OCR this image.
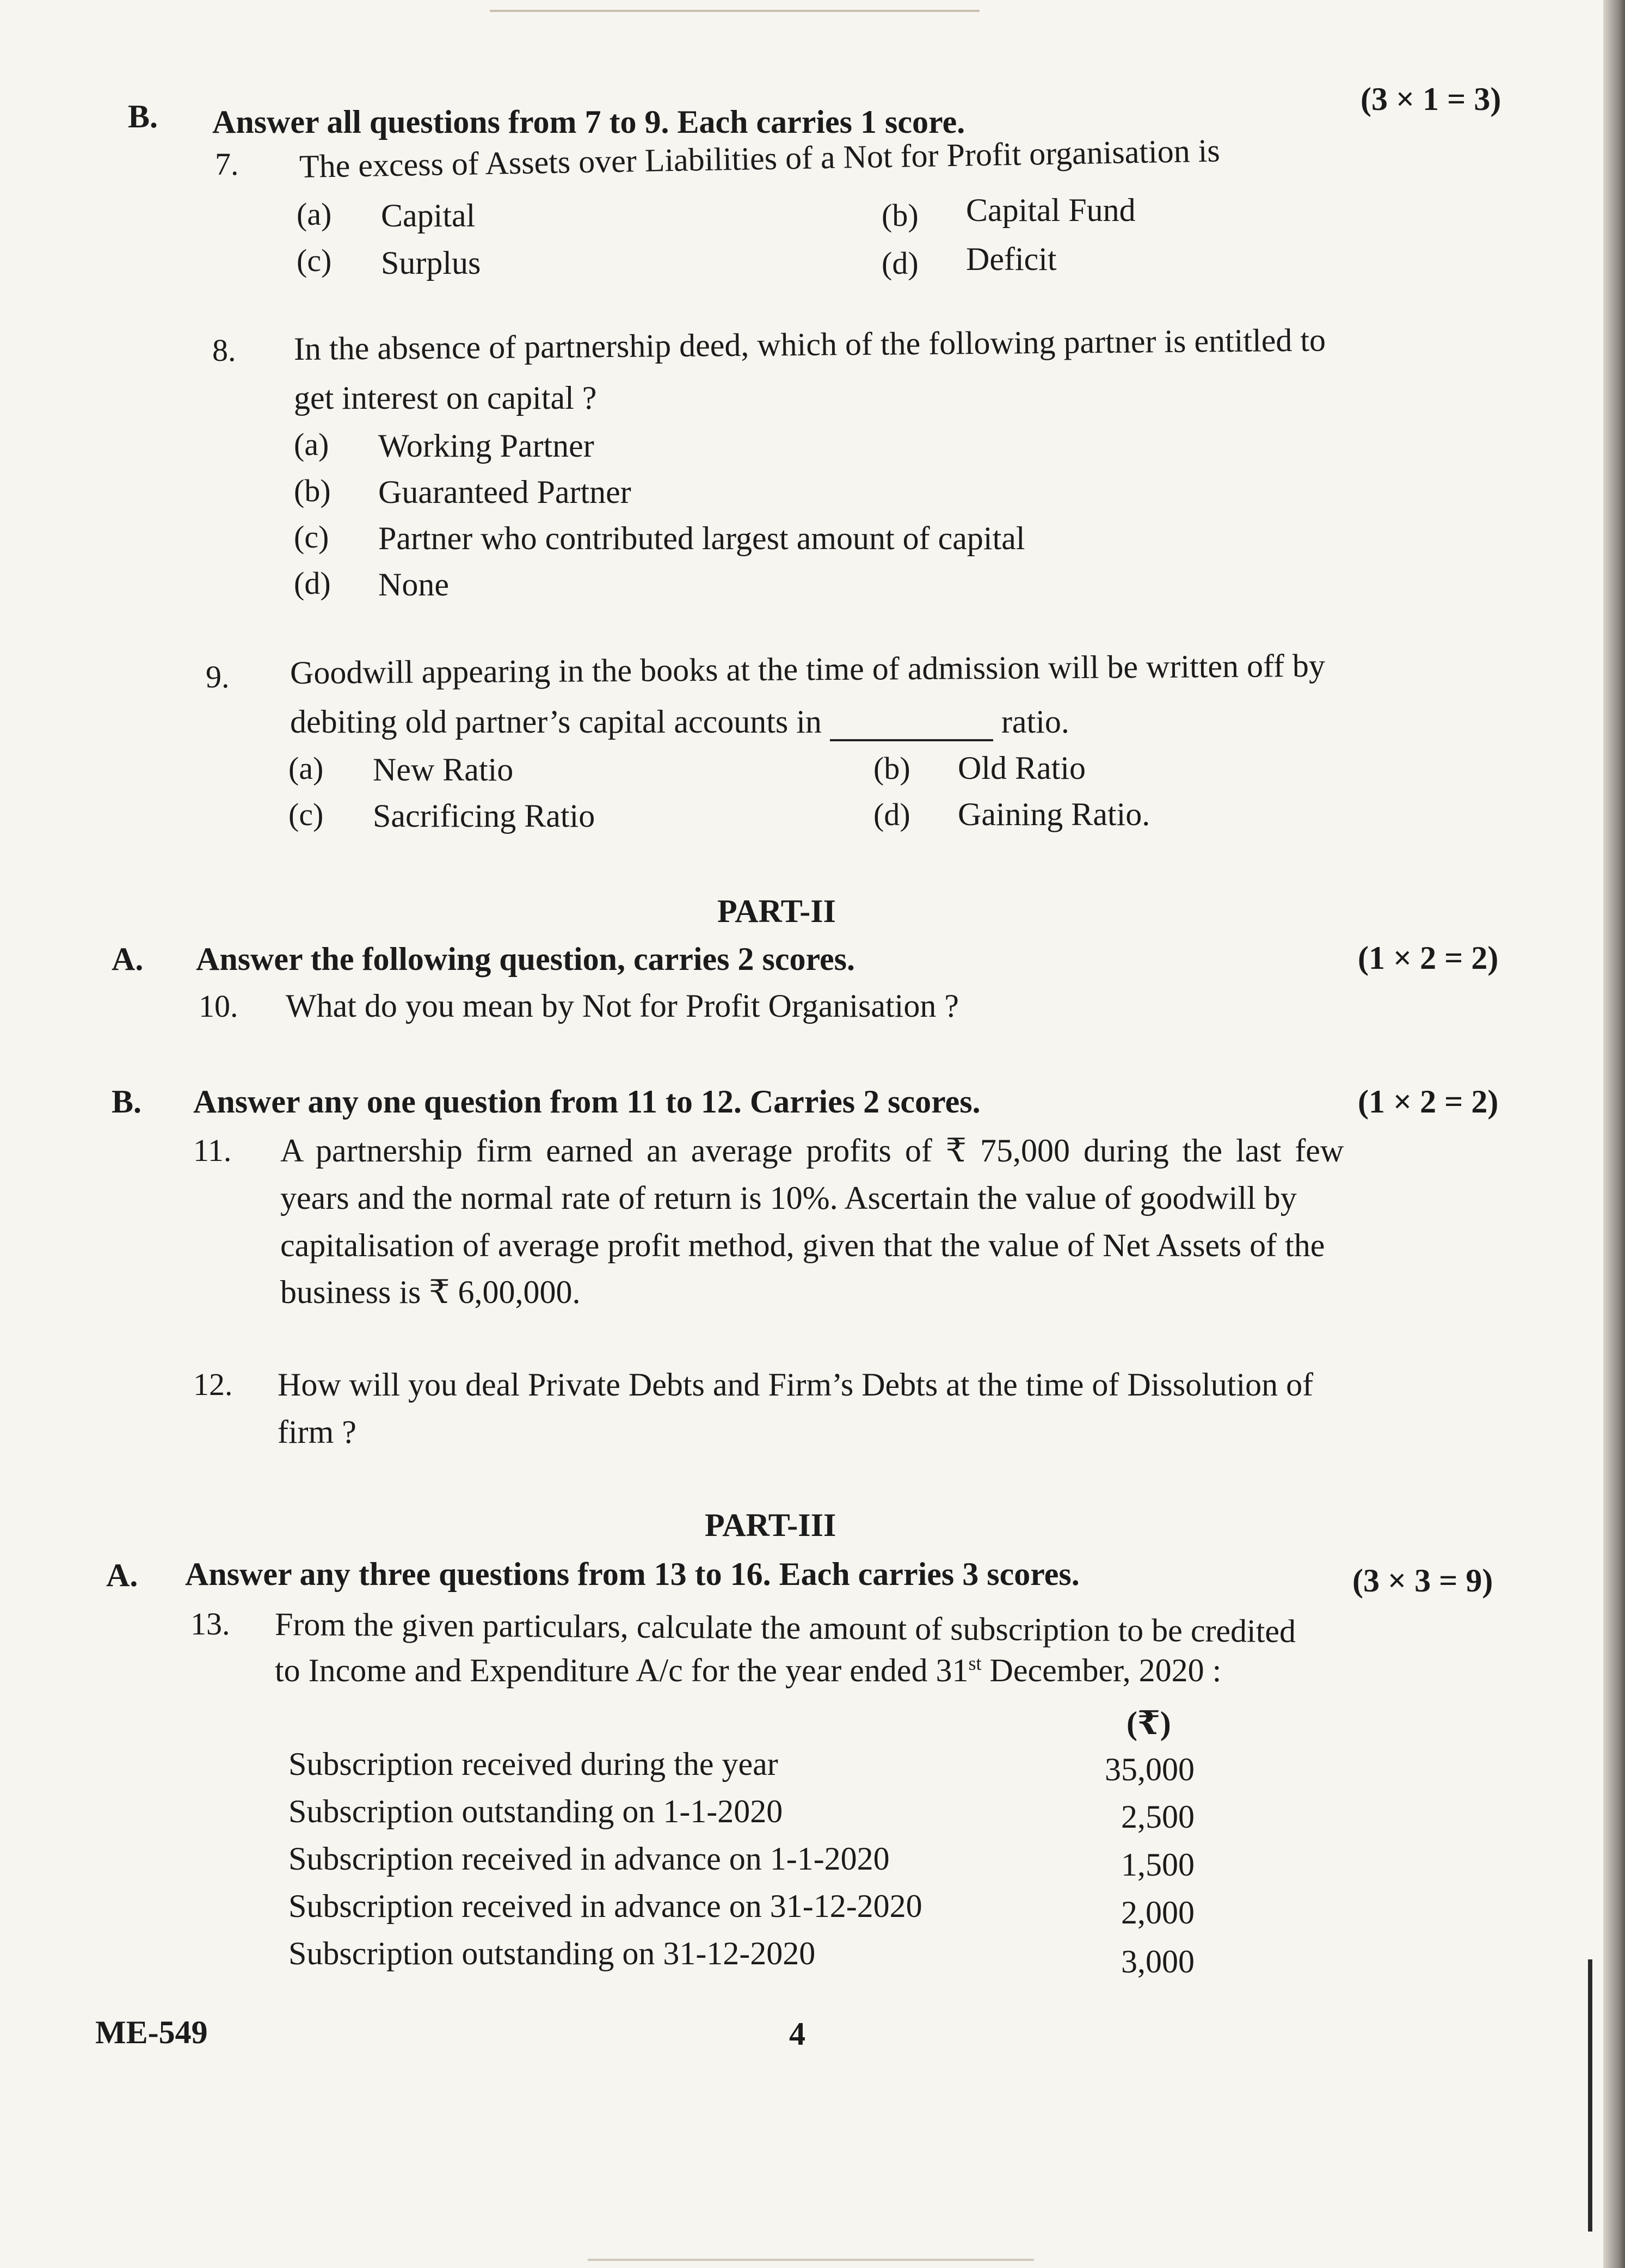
B. Answer all questions from 7 to 9. Each carries 1 score.
(3 × 1 = 3)
7. The excess of Assets over Liabilities of a Not for Profit organisation is
(a) Capital	(b) Capital Fund
(c) Surplus	(d) Deficit
8. In the absence of partnership deed, which of the following partner is entitled to
get interest on capital ?
(a) Working Partner
(b) Guaranteed Partner
(c) Partner who contributed largest amount of capital
(d) None
9. Goodwill appearing in the books at the time of admission will be written off by
debiting old partner’s capital accounts in	ratio.
(a) New Ratio	(b) Old Ratio
(c) Sacrificing Ratio	(d) Gaining Ratio.
PART-II
A. Answer the following question, carries 2 scores.	(1 × 2 = 2)
10. What do you mean by Not for Profit Organisation ?
B. Answer any one question from 11 to 12. Carries 2 scores.	(1 × 2 = 2)
11. A partnership firm earned an average profits of ₹ 75,000 during the last few
years and the normal rate of return is 10%. Ascertain the value of goodwill by
capitalisation of average profit method, given that the value of Net Assets of the
business is ₹ 6,00,000.
12. How will you deal Private Debts and Firm’s Debts at the time of Dissolution of
firm ?
PART-III
A. Answer any three questions from 13 to 16. Each carries 3 scores.	(3 × 3 = 9)
13. From the given particulars, calculate the amount of subscription to be credited
to Income and Expenditure A/c for the year ended 31st December, 2020 :
(₹)
Subscription received during the year	35,000
Subscription outstanding on 1-1-2020	2,500
Subscription received in advance on 1-1-2020	1,500
Subscription received in advance on 31-12-2020	2,000
Subscription outstanding on 31-12-2020	3,000
ME-549	4
